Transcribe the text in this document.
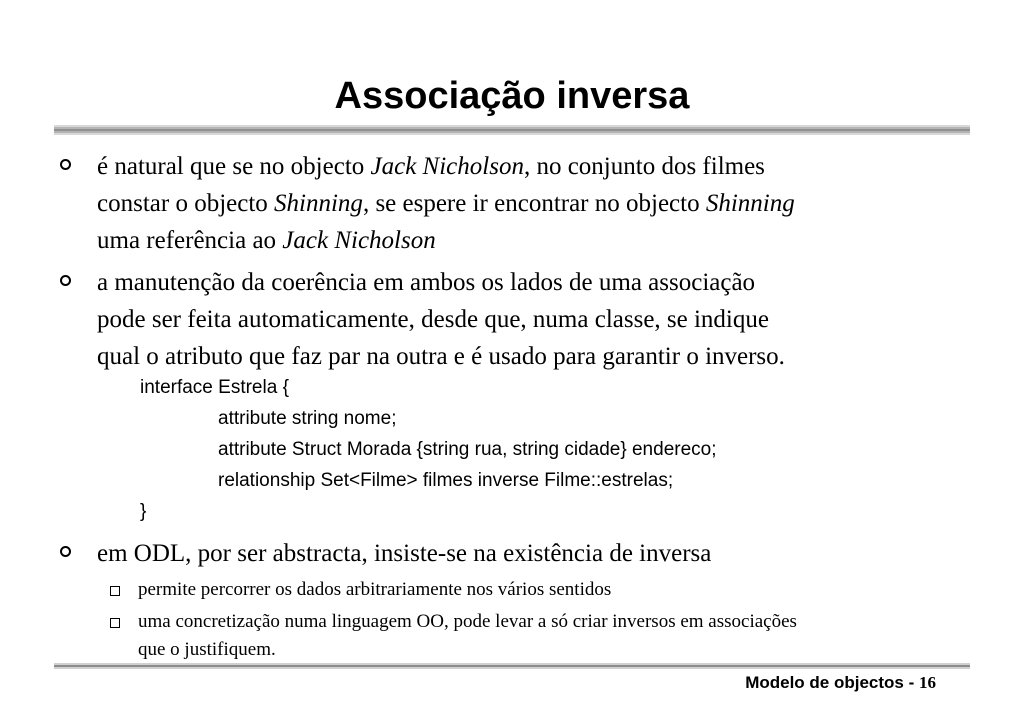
Associação inversa
é natural que se no objecto Jack Nicholson, no conjunto dos filmes
constar o objecto Shinning, se espere ir encontrar no objecto Shinning
uma referência ao Jack Nicholson
a manutenção da coerência em ambos os lados de uma associação
pode ser feita automaticamente, desde que, numa classe, se indique
qual o atributo que faz par na outra e é usado para garantir o inverso.
interface Estrela {
attribute string nome;
attribute Struct Morada {string rua, string cidade} endereco;
relationship Set<Filme> filmes inverse Filme::estrelas;
}
em ODL, por ser abstracta, insiste-se na existência de inversa
permite percorrer os dados arbitrariamente nos vários sentidos
uma concretização numa linguagem OO, pode levar a só criar inversos em associações
que o justifiquem.
Modelo de objectos - 16
